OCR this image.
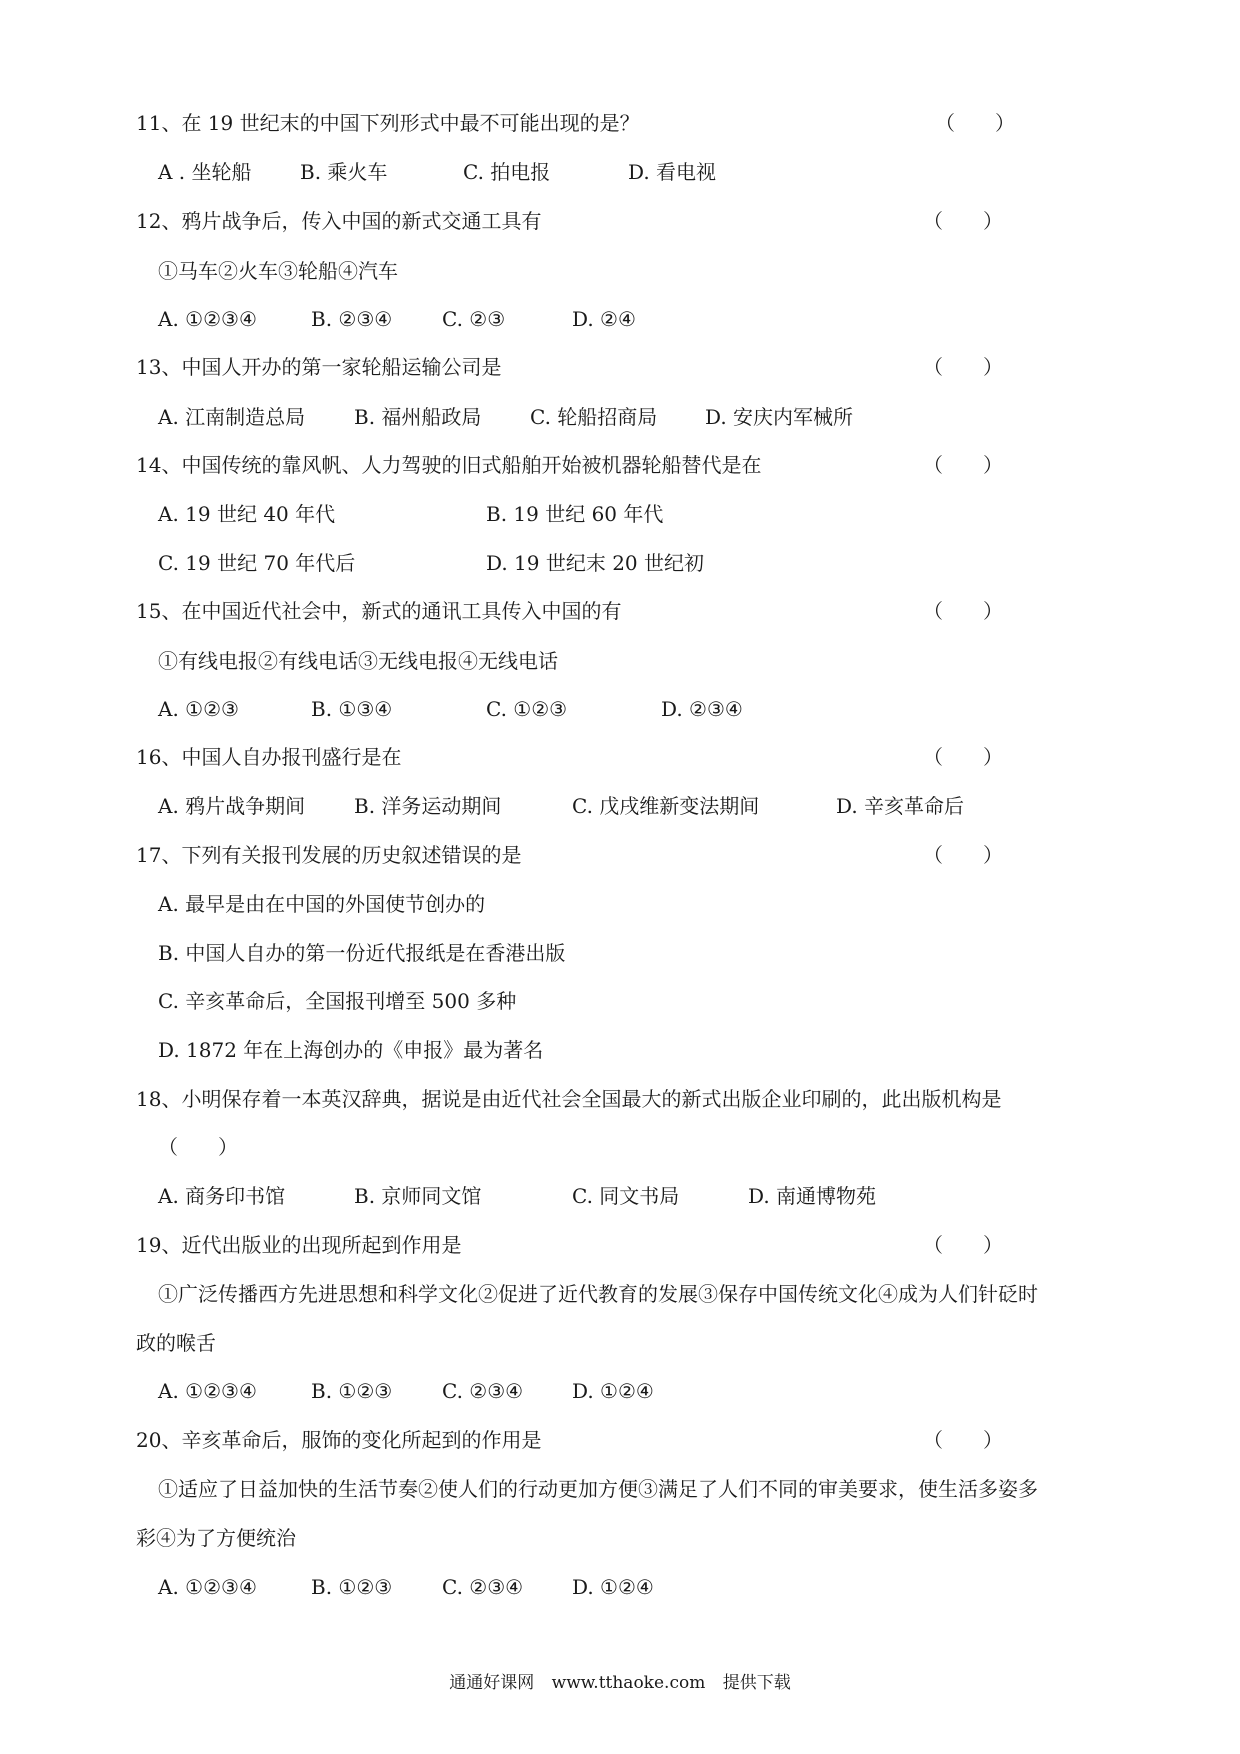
11、在 19 世纪末的中国下列形式中最不可能出现的是？	（　　）
A . 坐轮船 B. 乘火车	C. 拍电报	D. 看电视
12、鸦片战争后，传入中国的新式交通工具有	（　　）
①马车②火车③轮船④汽车
A. ①②③④	B. ②③④ C. ②③	D. ②④
13、中国人开办的第一家轮船运输公司是	（　　）
A. 江南制造总局 B. 福州船政局 C. 轮船招商局 D. 安庆内军械所
14、中国传统的靠风帆、人力驾驶的旧式船舶开始被机器轮船替代是在	（　　）
A. 19 世纪 40 年代	B. 19 世纪 60 年代
C. 19 世纪 70 年代后	D. 19 世纪末 20 世纪初
15、在中国近代社会中，新式的通讯工具传入中国的有	（　　）
①有线电报②有线电话③无线电报④无线电话
A. ①②③	B. ①③④	C. ①②③	D. ②③④
16、中国人自办报刊盛行是在	（　　）
A. 鸦片战争期间 B. 洋务运动期间	C. 戊戌维新变法期间	D. 辛亥革命后
17、下列有关报刊发展的历史叙述错误的是	（　　）
A. 最早是由在中国的外国使节创办的
B. 中国人自办的第一份近代报纸是在香港出版
C. 辛亥革命后，全国报刊增至 500 多种
D. 1872 年在上海创办的《申报》最为著名
18、小明保存着一本英汉辞典，据说是由近代社会全国最大的新式出版企业印刷的，此出版机构是
（　　）
A. 商务印书馆	B. 京师同文馆	C. 同文书局	D. 南通博物苑
19、近代出版业的出现所起到作用是	（　　）
①广泛传播西方先进思想和科学文化②促进了近代教育的发展③保存中国传统文化④成为人们针砭时
政的喉舌
A. ①②③④	B. ①②③ C. ②③④ D. ①②④
20、辛亥革命后，服饰的变化所起到的作用是	（　　）
①适应了日益加快的生活节奏②使人们的行动更加方便③满足了人们不同的审美要求，使生活多姿多
彩④为了方便统治
A. ①②③④	B. ①②③ C. ②③④ D. ①②④
通通好课网 www.tthaoke.com 提供下载
